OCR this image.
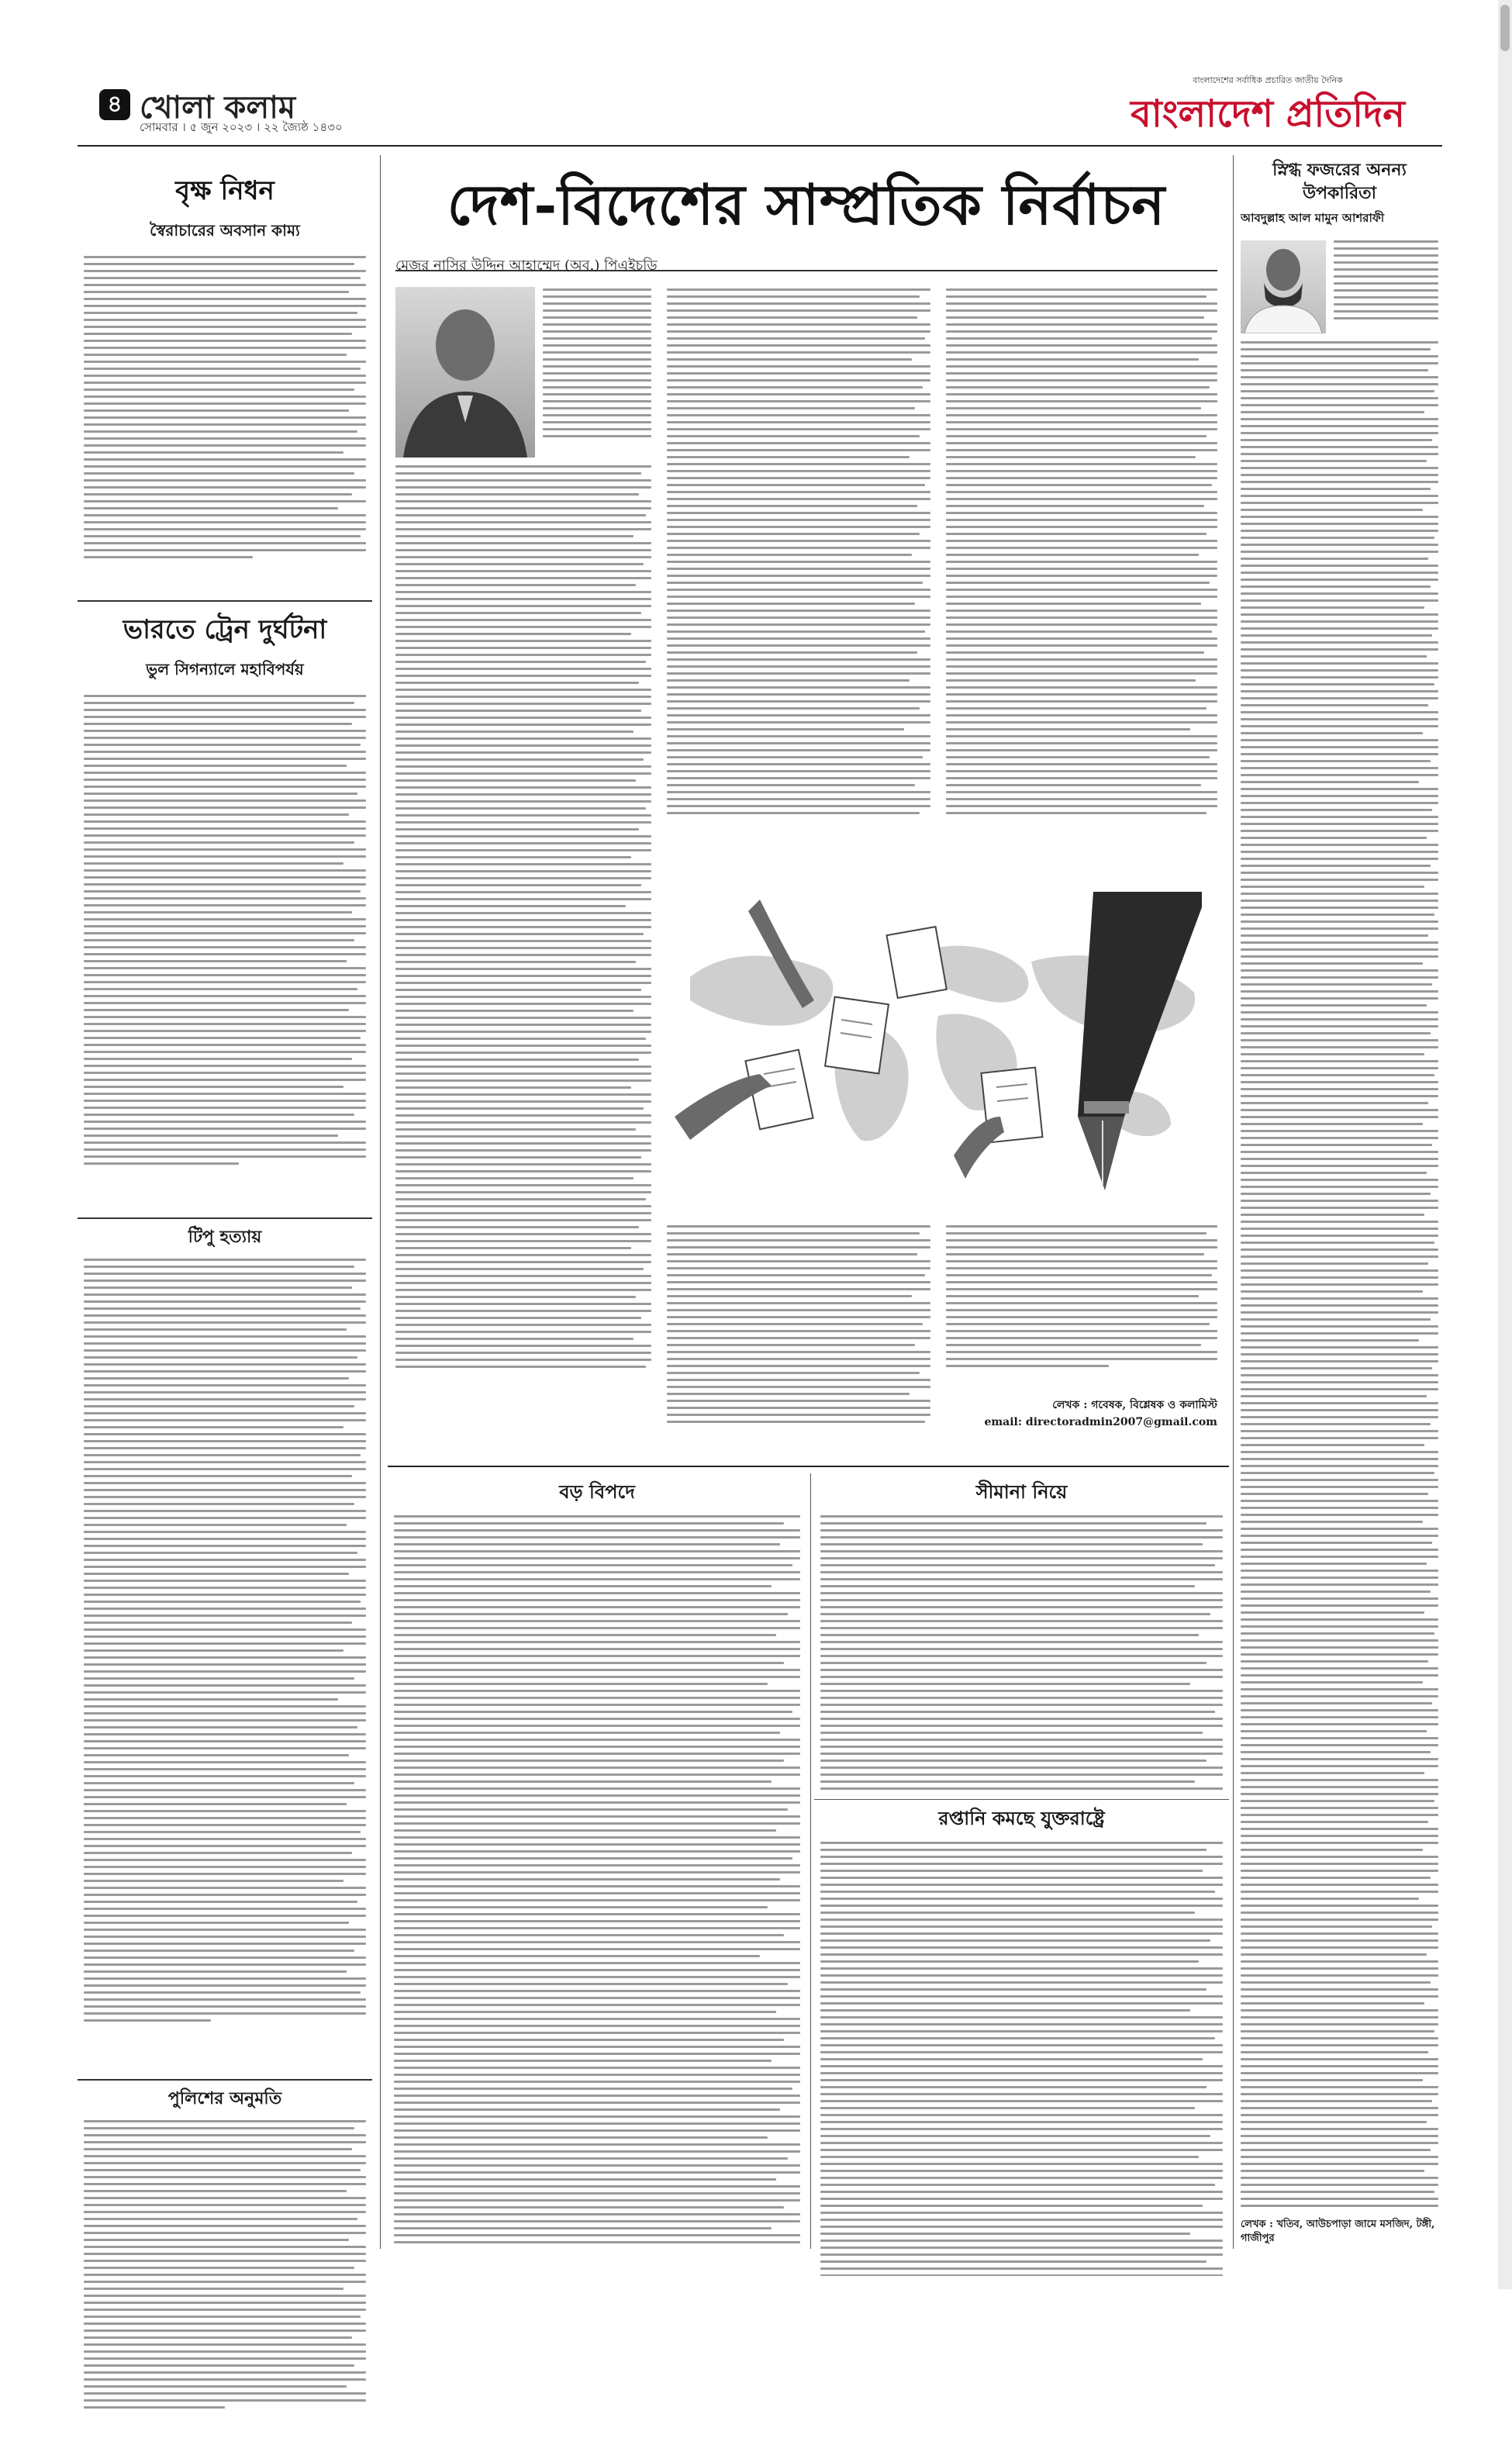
৪ খোলা কলাম
সোমবার । ৫ জুন ২০২৩ । ২২ জ্যৈষ্ঠ ১৪৩০
বাংলাদেশের সর্বাধিক প্রচারিত জাতীয় দৈনিক
বাংলাদেশ প্রতিদিন
বৃক্ষ নিধন
স্বৈরাচারের অবসান কাম্য
ভারতে ট্রেন দুর্ঘটনা
ভুল সিগন্যালে মহাবিপর্যয়
টিপু হত্যায়
পুলিশের অনুমতি
দেশ-বিদেশের সাম্প্রতিক নির্বাচন
মেজর নাসির উদ্দিন আহাম্মেদ (অব.) পিএইচডি
লেখক : গবেষক, বিশ্লেষক ও কলামিস্ট
email: directoradmin2007@gmail.com
স্নিগ্ধ ফজরের অনন্য উপকারিতা
আবদুল্লাহ আল মামুন আশরাফী
লেখক : খতিব, আউচপাড়া জামে মসজিদ, টঙ্গী, গাজীপুর
বড় বিপদে	সীমানা নিয়ে
রপ্তানি কমছে যুক্তরাষ্ট্রে
